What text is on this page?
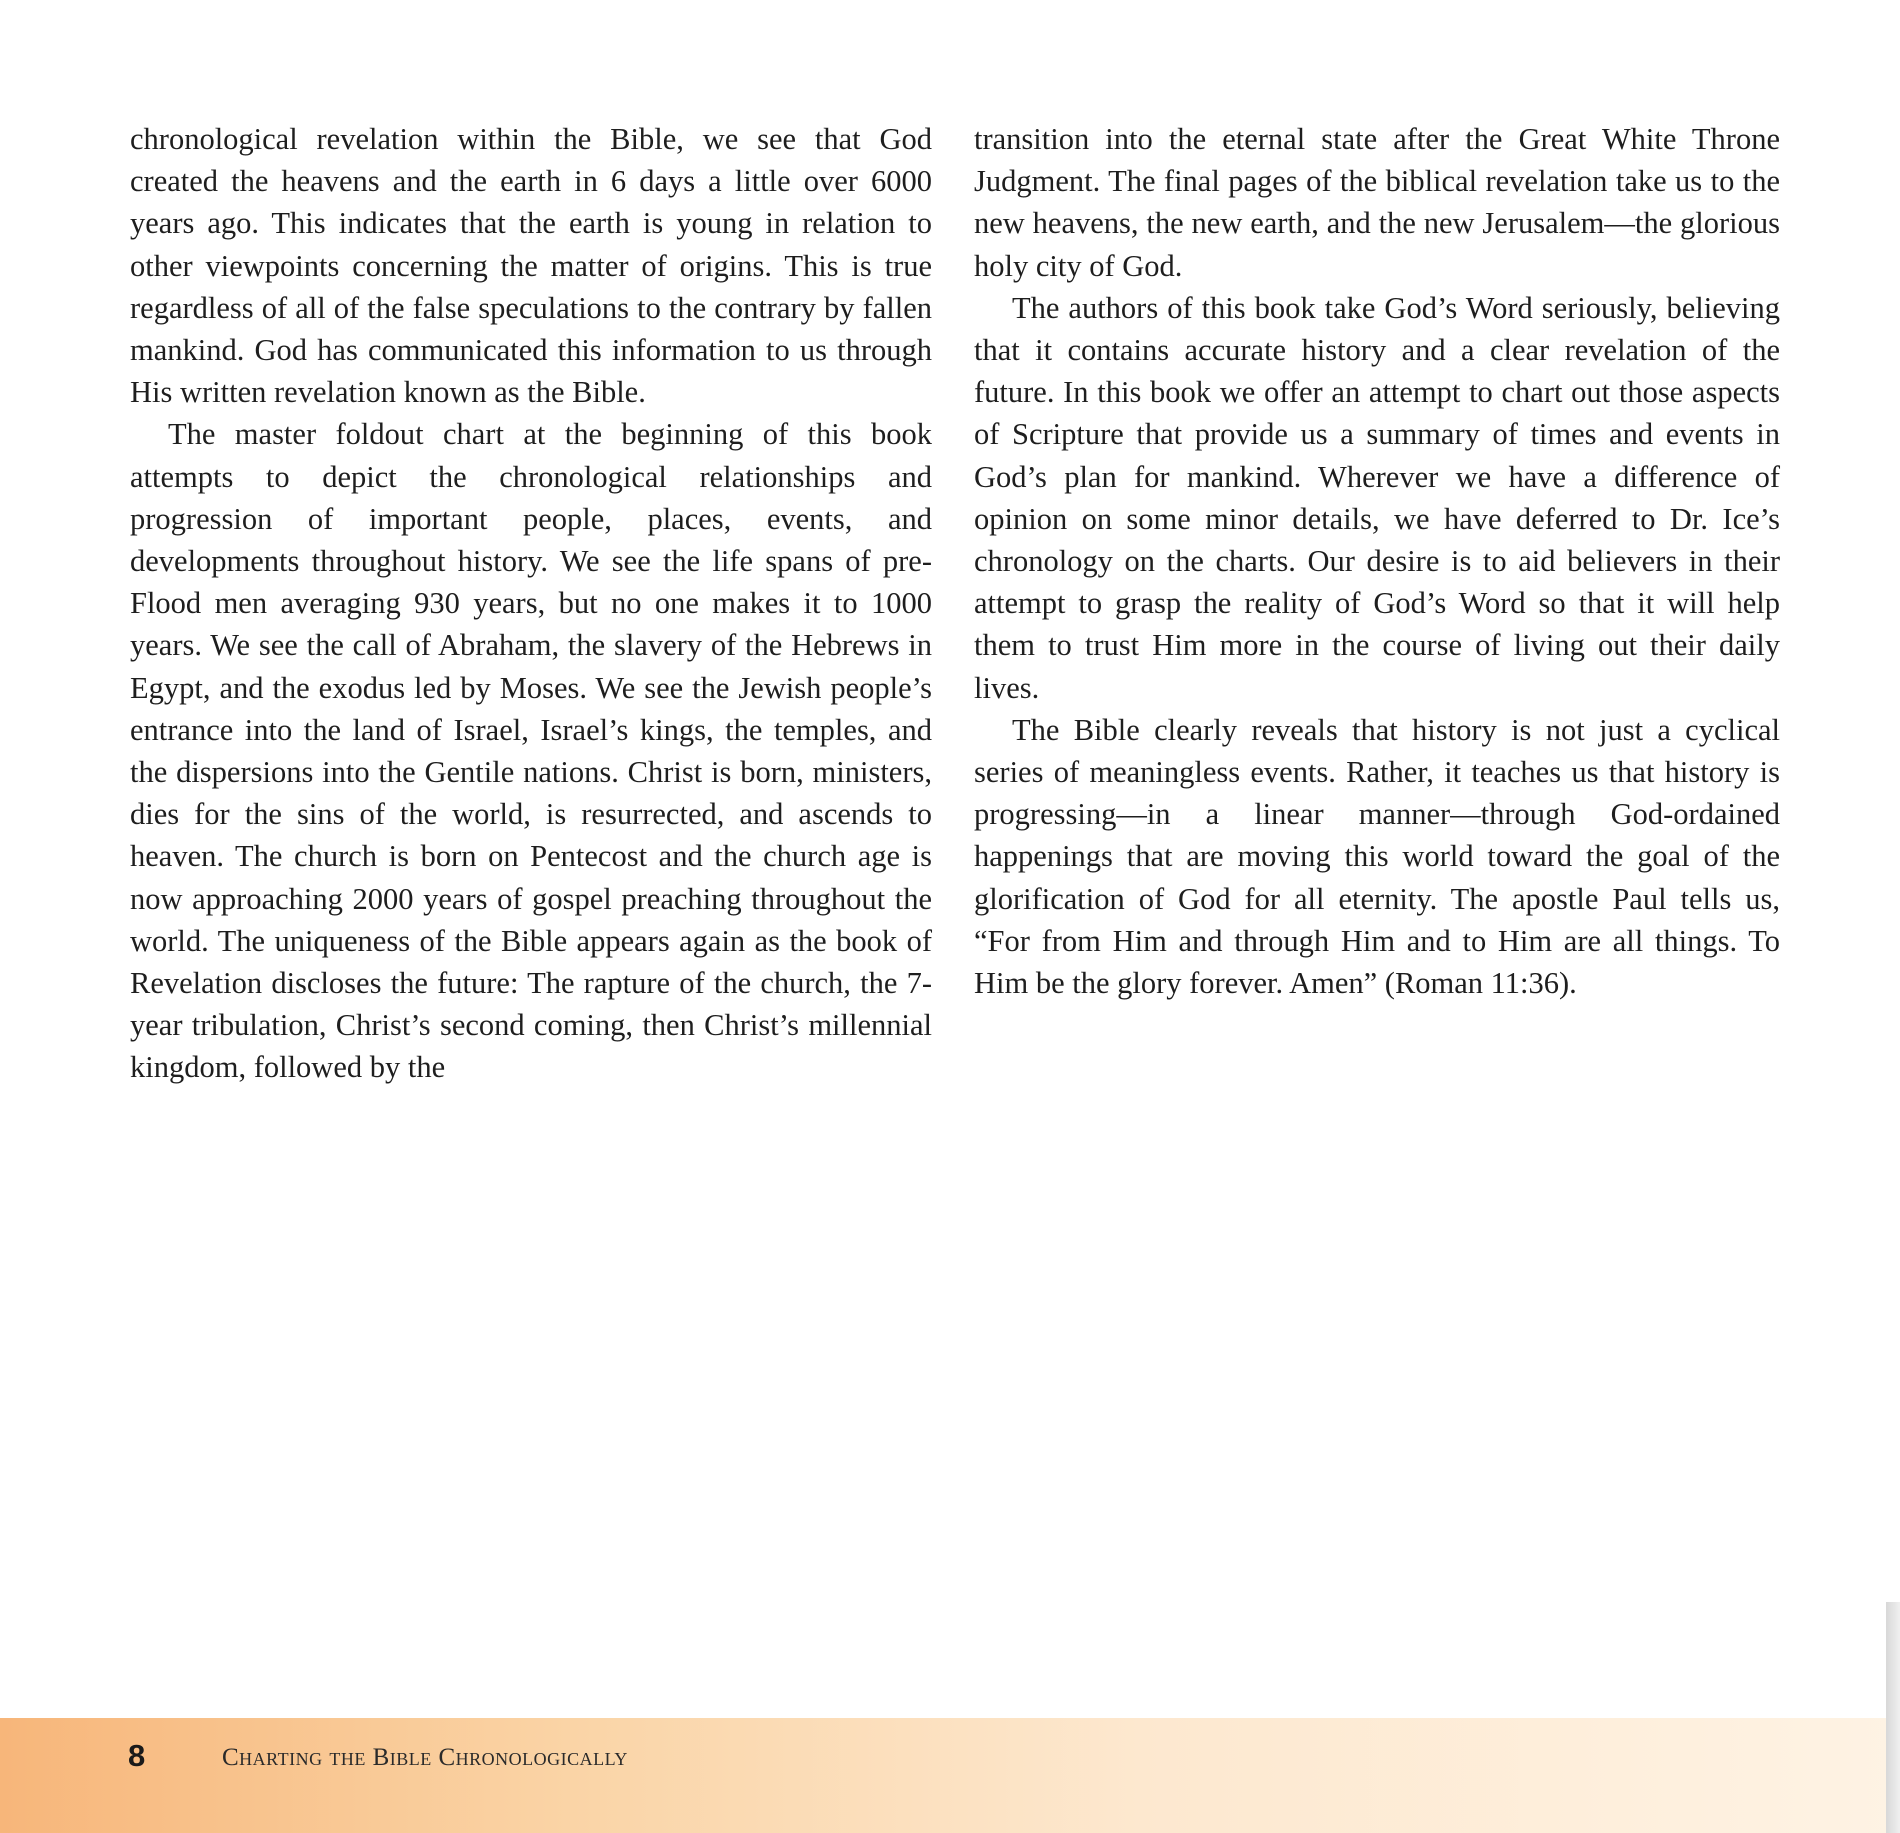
chronological revelation within the Bible, we see that God created the heavens and the earth in 6 days a little over 6000 years ago. This indicates that the earth is young in relation to other viewpoints concerning the matter of origins. This is true regardless of all of the false speculations to the contrary by fallen mankind. God has communicated this information to us through His written revelation known as the Bible.

The master foldout chart at the beginning of this book attempts to depict the chronological relationships and progression of important people, places, events, and developments throughout history. We see the life spans of pre-Flood men averaging 930 years, but no one makes it to 1000 years. We see the call of Abraham, the slavery of the Hebrews in Egypt, and the exodus led by Moses. We see the Jewish people’s entrance into the land of Israel, Israel’s kings, the temples, and the dispersions into the Gentile nations. Christ is born, ministers, dies for the sins of the world, is resurrected, and ascends to heaven. The church is born on Pentecost and the church age is now approaching 2000 years of gospel preaching throughout the world. The uniqueness of the Bible appears again as the book of Revelation discloses the future: The rapture of the church, the 7-year tribulation, Christ’s second coming, then Christ’s millennial kingdom, followed by the

transition into the eternal state after the Great White Throne Judgment. The final pages of the biblical revelation take us to the new heavens, the new earth, and the new Jerusalem—the glorious holy city of God.

The authors of this book take God’s Word seriously, believing that it contains accurate history and a clear revelation of the future. In this book we offer an attempt to chart out those aspects of Scripture that provide us a summary of times and events in God’s plan for mankind. Wherever we have a difference of opinion on some minor details, we have deferred to Dr. Ice’s chronology on the charts. Our desire is to aid believers in their attempt to grasp the reality of God’s Word so that it will help them to trust Him more in the course of living out their daily lives.

The Bible clearly reveals that history is not just a cyclical series of meaningless events. Rather, it teaches us that history is progressing—in a linear manner—through God-ordained happenings that are moving this world toward the goal of the glorification of God for all eternity. The apostle Paul tells us, “For from Him and through Him and to Him are all things. To Him be the glory forever. Amen” (Roman 11:36).

8	Charting the Bible Chronologically
